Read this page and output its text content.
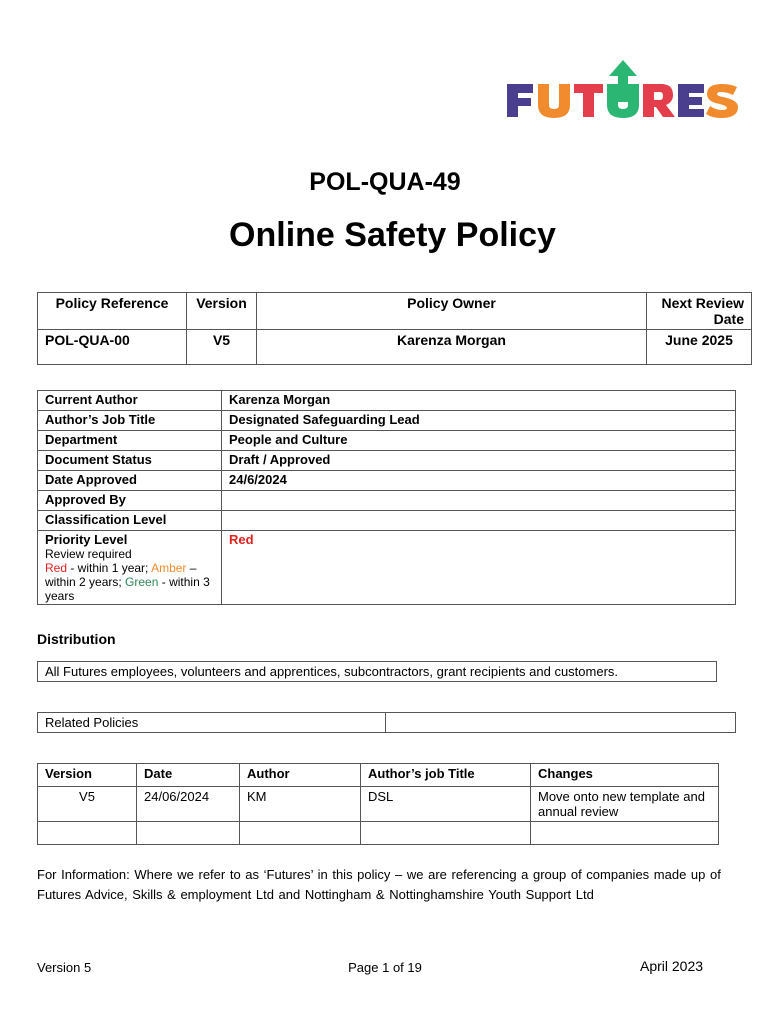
POL-QUA-49
Online Safety Policy
Policy Reference	Version	Policy Owner	Next Review Date
POL-QUA-00	V5	Karenza Morgan	June 2025
Current Author	Karenza Morgan
Author’s Job Title	Designated Safeguarding Lead
Department	People and Culture
Document Status	Draft / Approved
Date Approved	24/6/2024
Approved By	
Classification Level	

Priority Level
Review required
Red - within 1 year; Amber – within 2 years; Green - within 3 years	Red
Distribution
All Futures employees, volunteers and apprentices, subcontractors, grant recipients and customers.
Related Policies	
Version	Date	Author	Author’s job Title	Changes
V5	24/06/2024	KM	DSL	Move onto new template and annual review

For Information: Where we refer to as ‘Futures’ in this policy – we are referencing a group of companies made up of Futures Advice, Skills & employment Ltd and Nottingham & Nottinghamshire Youth Support Ltd
Version 5	Page 1 of 19	April 2023
